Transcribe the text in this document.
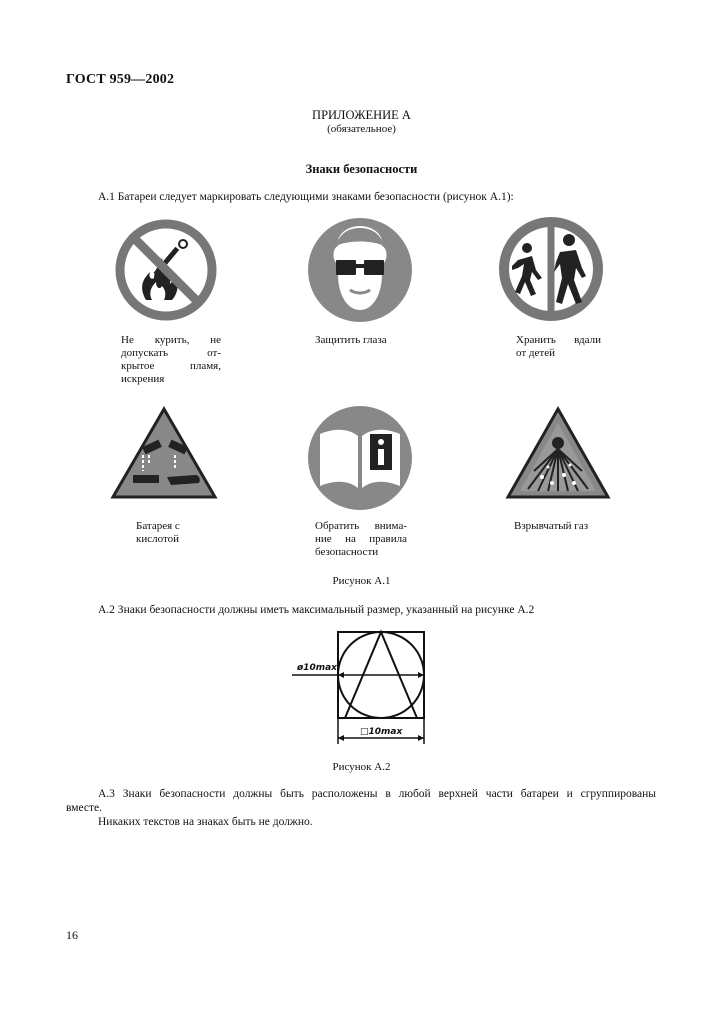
ГОСТ 959—2002
ПРИЛОЖЕНИЕ А
(обязательное)
Знаки безопасности
А.1 Батареи следует маркировать следующими знаками безопасности (рисунок А.1):
Не курить, не
допускать от-
крытое пламя,
искрения
Защитить глаза	Хранить вдали
от детей
Батарея с
кислотой
Обратить внима-
ние на правила
безопасности
Взрывчатый газ
Рисунок А.1
А.2 Знаки безопасности должны иметь максимальный размер, указанный на рисунке А.2
ø10max
□10max
Рисунок А.2
А.3 Знаки безопасности должны быть расположены в любой верхней части батареи и сгруппированы
вместе.
Никаких текстов на знаках быть не должно.
16
